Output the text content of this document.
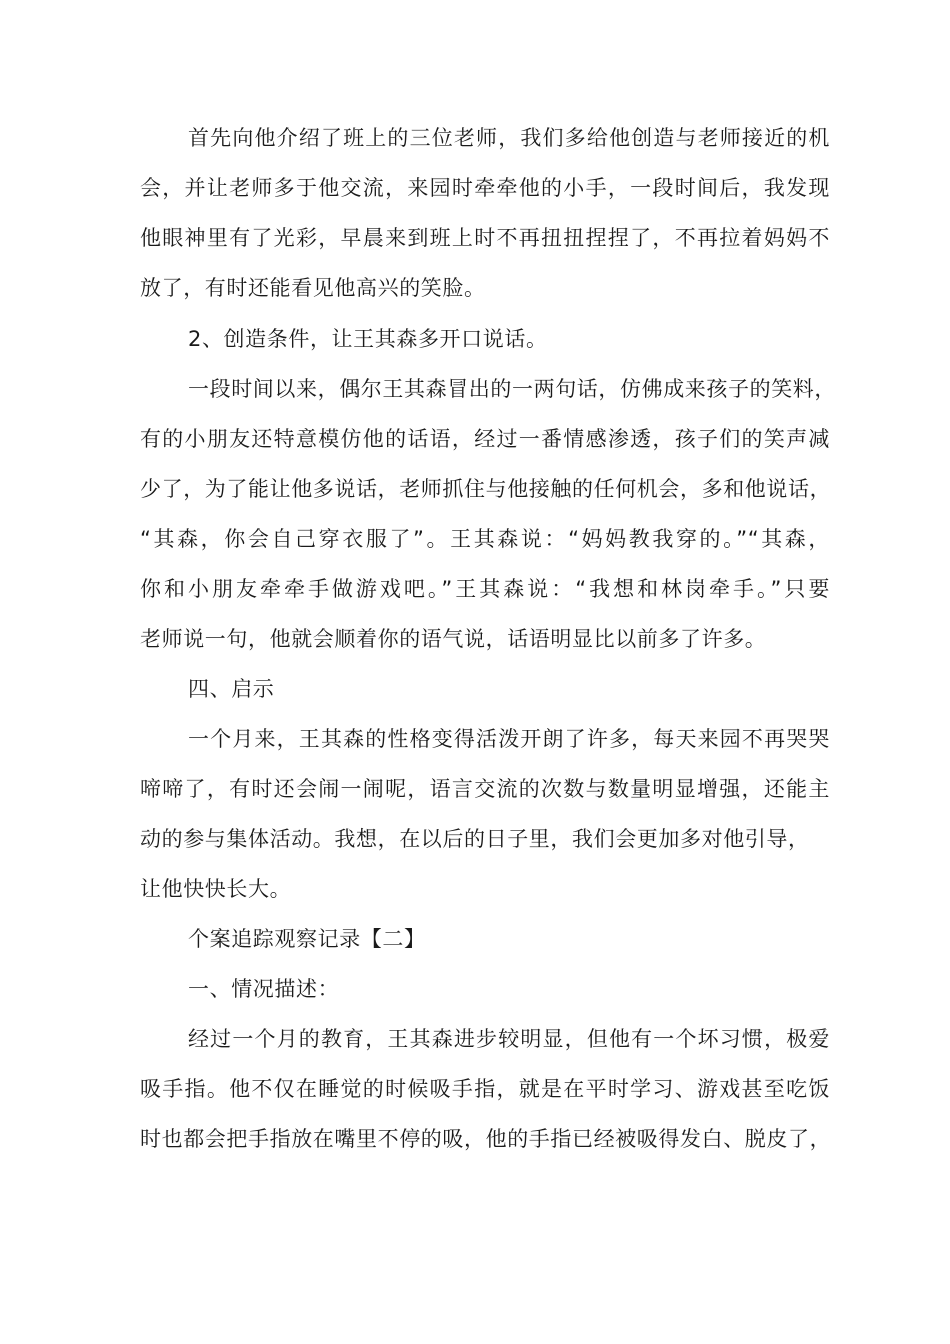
首先向他介绍了班上的三位老师，我们多给他创造与老师接近的机
会，并让老师多于他交流，来园时牵牵他的小手，一段时间后，我发现
他眼神里有了光彩，早晨来到班上时不再扭扭捏捏了，不再拉着妈妈不
放了，有时还能看见他高兴的笑脸。
2、创造条件，让王其森多开口说话。
一段时间以来，偶尔王其森冒出的一两句话，仿佛成来孩子的笑料，
有的小朋友还特意模仿他的话语，经过一番情感渗透，孩子们的笑声减
少了，为了能让他多说话，老师抓住与他接触的任何机会，多和他说话，
“其森，你会自己穿衣服了”。王其森说：“妈妈教我穿的。”“其森，
你和小朋友牵牵手做游戏吧。”王其森说：“我想和林岗牵手。”只要
老师说一句，他就会顺着你的语气说，话语明显比以前多了许多。
四、启示
一个月来，王其森的性格变得活泼开朗了许多，每天来园不再哭哭
啼啼了，有时还会闹一闹呢，语言交流的次数与数量明显增强，还能主
动的参与集体活动。我想，在以后的日子里，我们会更加多对他引导，
让他快快长大。
个案追踪观察记录【二】
一、情况描述：
经过一个月的教育，王其森进步较明显，但他有一个坏习惯，极爱
吸手指。他不仅在睡觉的时候吸手指，就是在平时学习、游戏甚至吃饭
时也都会把手指放在嘴里不停的吸，他的手指已经被吸得发白、脱皮了，
